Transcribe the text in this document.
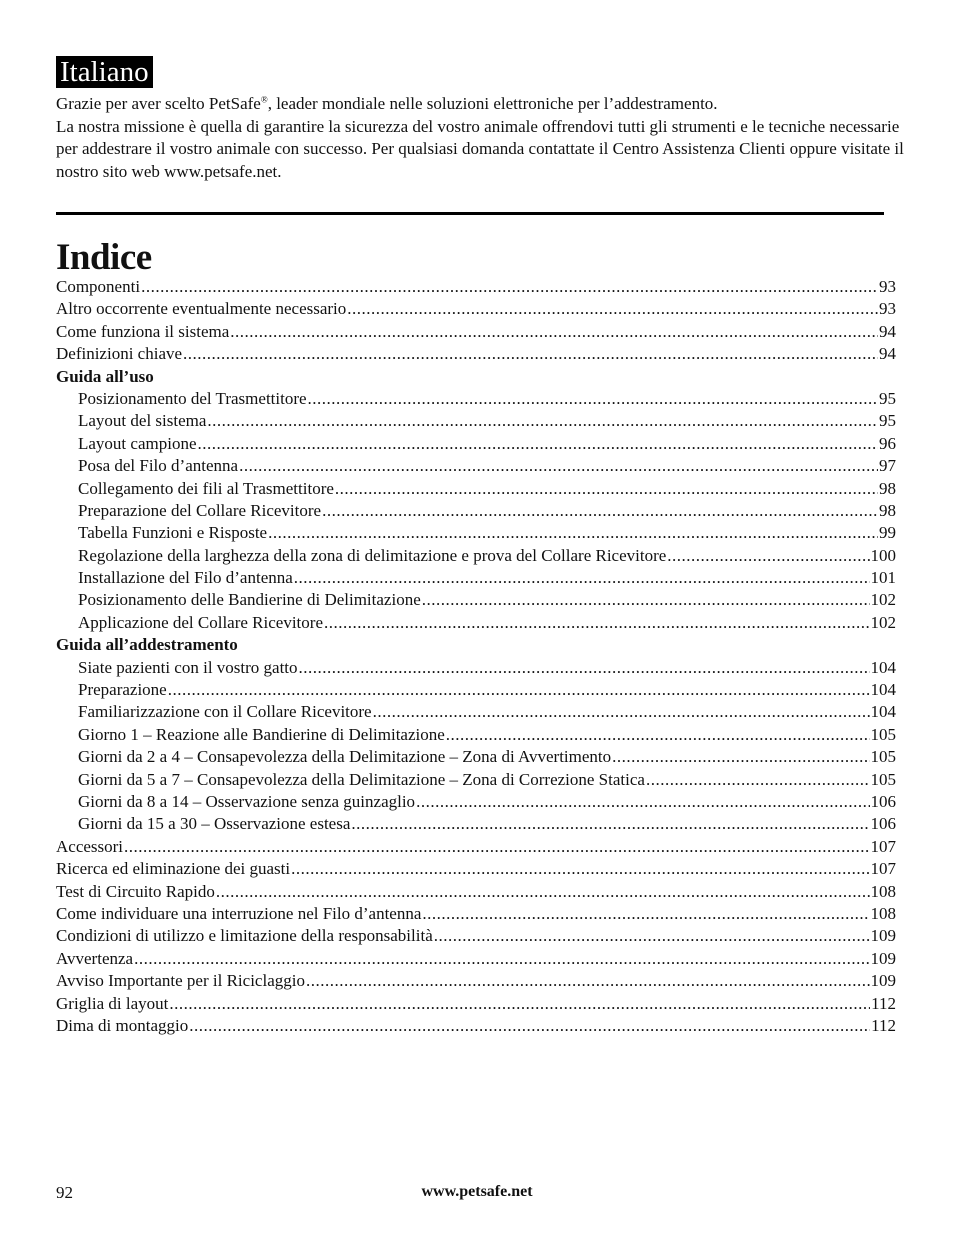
Italiano

Grazie per aver scelto PetSafe®, leader mondiale nelle soluzioni elettroniche per l’addestramento.
La nostra missione è quella di garantire la sicurezza del vostro animale offrendovi tutti gli strumenti e le tecniche necessarie per addestrare il vostro animale con successo. Per qualsiasi domanda contattate il Centro Assistenza Clienti oppure visitate il nostro sito web www.petsafe.net.

Indice
Componenti .....	93
Altro occorrente eventualmente necessario .....	93
Come funziona il sistema .....	94
Definizioni chiave .....	94
Guida all’uso
Posizionamento del Trasmettitore .....	95
Layout del sistema .....	95
Layout campione .....	96
Posa del Filo d’antenna .....	97
Collegamento dei fili al Trasmettitore .....	98
Preparazione del Collare Ricevitore .....	98
Tabella Funzioni e Risposte .....	99
Regolazione della larghezza della zona di delimitazione e prova del Collare Ricevitore .....	100
Installazione del Filo d’antenna .....	101
Posizionamento delle Bandierine di Delimitazione .....	102
Applicazione del Collare Ricevitore .....	102
Guida all’addestramento
Siate pazienti con il vostro gatto .....	104
Preparazione .....	104
Familiarizzazione con il Collare Ricevitore .....	104
Giorno 1 – Reazione alle Bandierine di Delimitazione .....	105
Giorni da 2 a 4 – Consapevolezza della Delimitazione – Zona di Avvertimento .....	105
Giorni da 5 a 7 – Consapevolezza della Delimitazione – Zona di Correzione Statica .....	105
Giorni da 8 a 14 – Osservazione senza guinzaglio .....	106
Giorni da 15 a 30 – Osservazione estesa .....	106
Accessori .....	107
Ricerca ed eliminazione dei guasti .....	107
Test di Circuito Rapido .....	108
Come individuare una interruzione nel Filo d’antenna .....	108
Condizioni di utilizzo e limitazione della responsabilità .....	109
Avvertenza .....	109
Avviso Importante per il Riciclaggio .....	109
Griglia di layout .....	112
Dima di montaggio .....	112
92	www.petsafe.net
